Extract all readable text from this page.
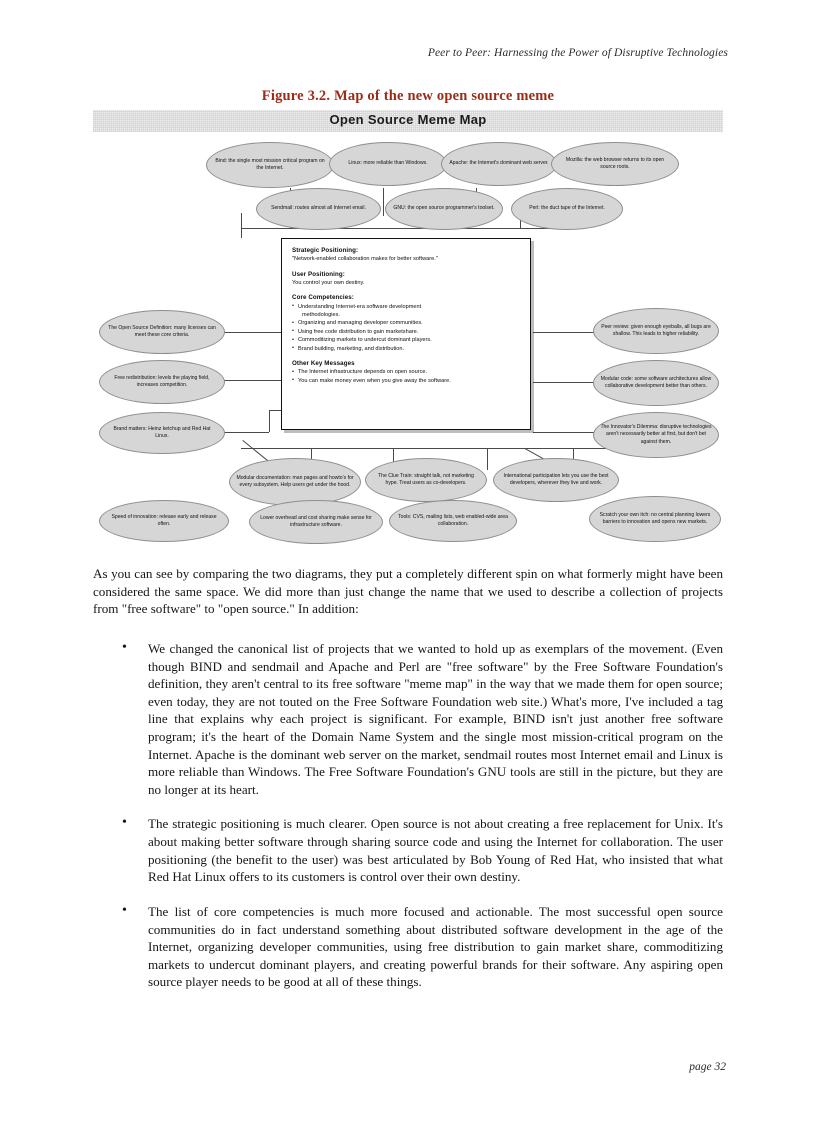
Peer to Peer: Harnessing the Power of Disruptive Technologies
Figure 3.2. Map of the new open source meme
Open Source Meme Map
Bind: the single most mission critical program on the Internet.
Linux: more reliable than Windows.	Apache: the Internet's dominant web server.
Mozilla: the web browser returns to its open source roots.
Sendmail: routes almost all Internet email.	GNU: the open source programmer's toolset.	Perl: the duct tape of the Internet.
Strategic Positioning:
"Network-enabled collaboration makes for better software."
User Positioning:
You control your own destiny.
Core Competencies:
• Understanding Internet-era software development
methodologies.
• Organizing and managing developer communities.
• Using free code distribution to gain marketshare.
• Commoditizing markets to undercut dominant players.
• Brand building, marketing, and distribution.
Other Key Messages
• The Internet infrastructure depends on open source.
• You can make money even when you give away the software.
The Open Source Definition: many licenses can meet these core criteria.
Free redistribution: levels the playing field, increases competition.
Brand matters: Heinz ketchup and Red Hat Linux.
Peer review: given enough eyeballs, all bugs are shallow. This leads to higher reliability.
Modular code: some software architectures allow collaborative development better than others.
The Innovator's Dilemma: disruptive technologies aren't necessarily better at first, but don't bet against them.
Modular documentation: man pages and howto's for every subsystem. Help users get under the hood.
The Clue Train: straight talk, not marketing hype. Treat users as co-developers.
International participation lets you use the best developers, wherever they live and work.
Speed of innovation: release early and release often.
Lower overhead and cost sharing make sense for infrastructure software.
Tools: CVS, mailing lists, web enabled-wide area collaboration.
Scratch your own itch: no central planning lowers barriers to innovation and opens new markets.
As you can see by comparing the two diagrams, they put a completely different spin on what formerly might have been considered the same space. We did more than just change the name that we used to describe a collection of projects from "free software" to "open source." In addition:
• We changed the canonical list of projects that we wanted to hold up as exemplars of the movement. (Even though BIND and sendmail and Apache and Perl are "free software" by the Free Software Foundation's definition, they aren't central to its free software "meme map" in the way that we made them for open source; even today, they are not touted on the Free Software Foundation web site.) What's more, I've included a tag line that explains why each project is significant. For example, BIND isn't just another free software program; it's the heart of the Domain Name System and the single most mission-critical program on the Internet. Apache is the dominant web server on the market, sendmail routes most Internet email and Linux is more reliable than Windows. The Free Software Foundation's GNU tools are still in the picture, but they are no longer at its heart.
• The strategic positioning is much clearer. Open source is not about creating a free replacement for Unix. It's about making better software through sharing source code and using the Internet for collaboration. The user positioning (the benefit to the user) was best articulated by Bob Young of Red Hat, who insisted that what Red Hat Linux offers to its customers is control over their own destiny.
• The list of core competencies is much more focused and actionable. The most successful open source communities do in fact understand something about distributed software development in the age of the Internet, organizing developer communities, using free distribution to gain market share, commoditizing markets to undercut dominant players, and creating powerful brands for their software. Any aspiring open source player needs to be good at all of these things.
page 32
